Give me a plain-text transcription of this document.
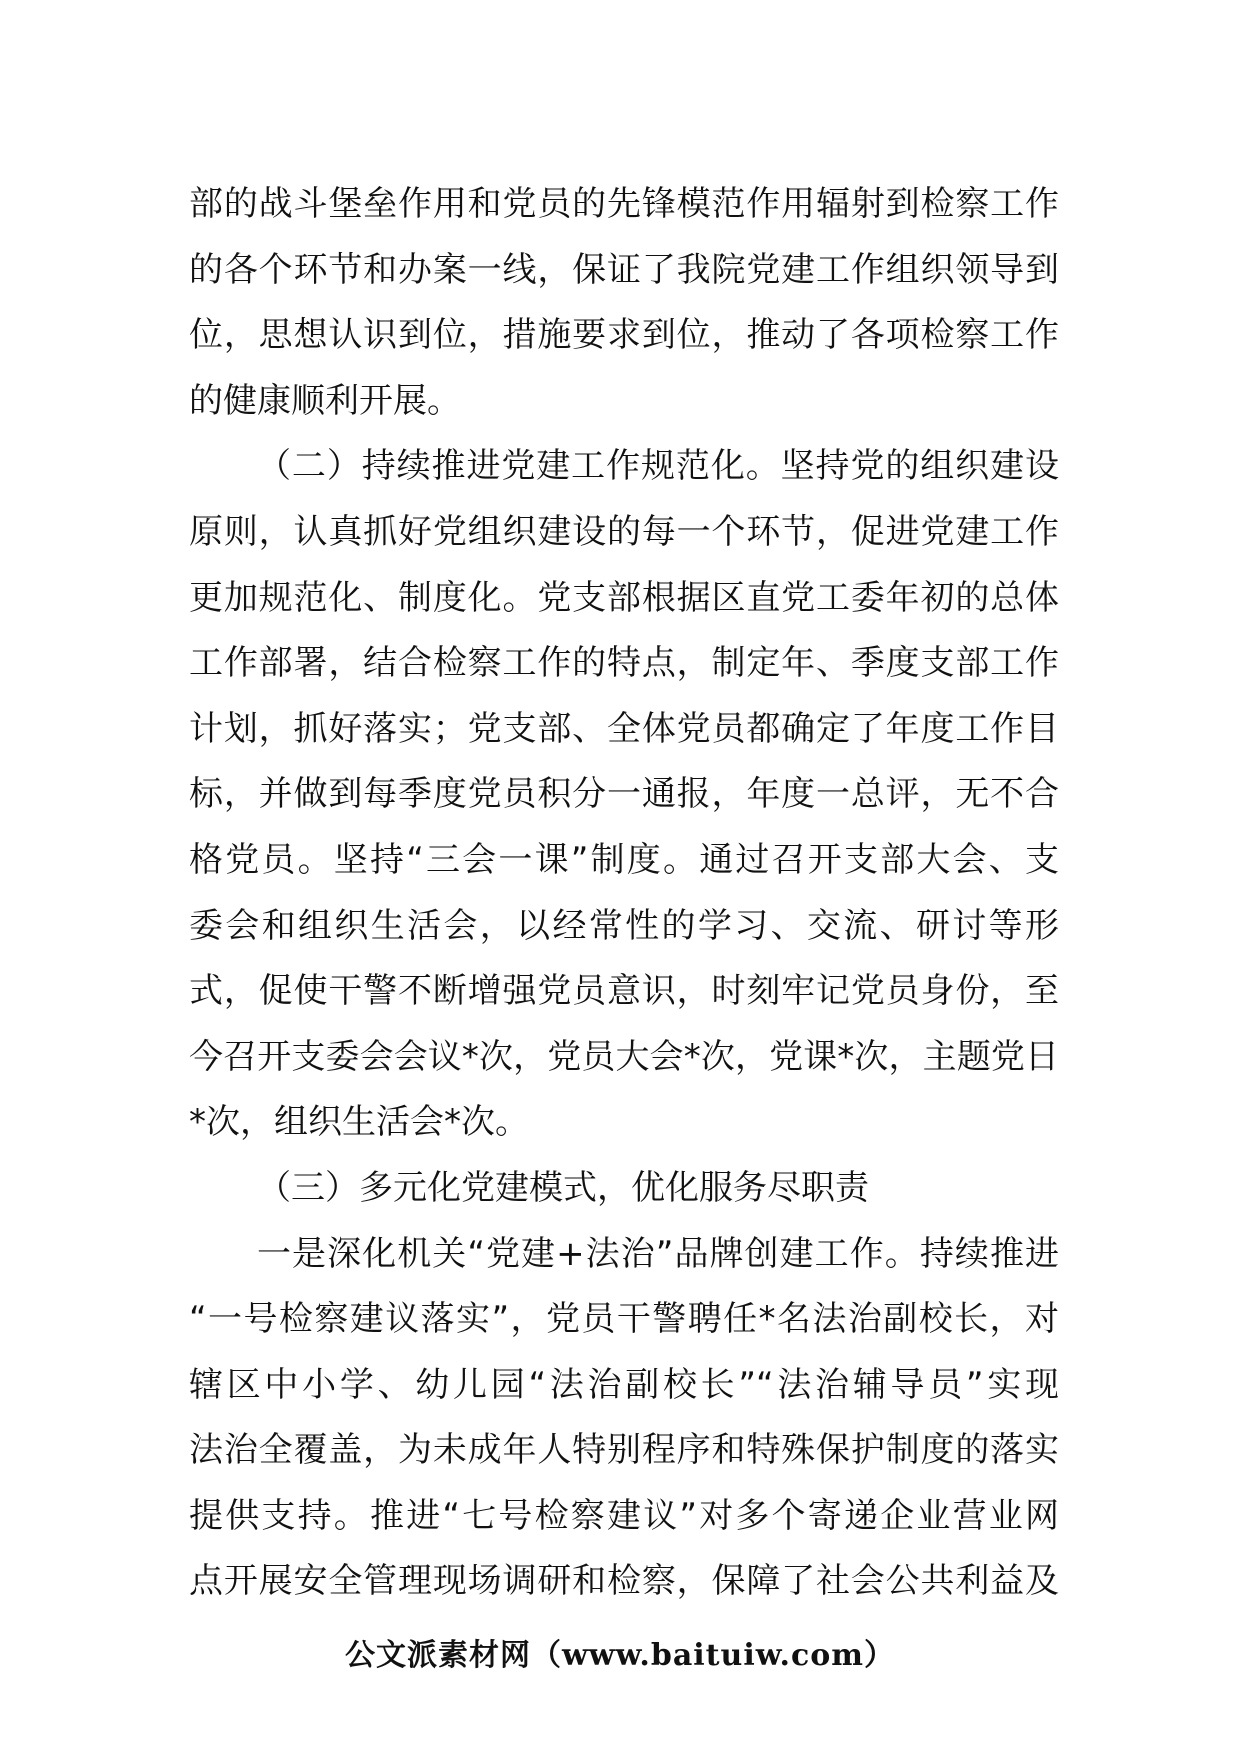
部的战斗堡垒作用和党员的先锋模范作用辐射到检察工作
的各个环节和办案一线，保证了我院党建工作组织领导到
位，思想认识到位，措施要求到位，推动了各项检察工作
的健康顺利开展。
（二）持续推进党建工作规范化。坚持党的组织建设
原则，认真抓好党组织建设的每一个环节，促进党建工作
更加规范化、制度化。党支部根据区直党工委年初的总体
工作部署，结合检察工作的特点，制定年、季度支部工作
计划，抓好落实；党支部、全体党员都确定了年度工作目
标，并做到每季度党员积分一通报，年度一总评，无不合
格党员。坚持“三会一课”制度。通过召开支部大会、支
委会和组织生活会，以经常性的学习、交流、研讨等形
式，促使干警不断增强党员意识，时刻牢记党员身份，至
今召开支委会会议*次，党员大会*次，党课*次，主题党日
*次，组织生活会*次。
（三）多元化党建模式，优化服务尽职责
一是深化机关“党建+法治”品牌创建工作。持续推进
“一号检察建议落实”，党员干警聘任*名法治副校长，对
辖区中小学、幼儿园“法治副校长”“法治辅导员”实现
法治全覆盖，为未成年人特别程序和特殊保护制度的落实
提供支持。推进“七号检察建议”对多个寄递企业营业网
点开展安全管理现场调研和检察，保障了社会公共利益及
公文派素材网（www.baituiw.com）
